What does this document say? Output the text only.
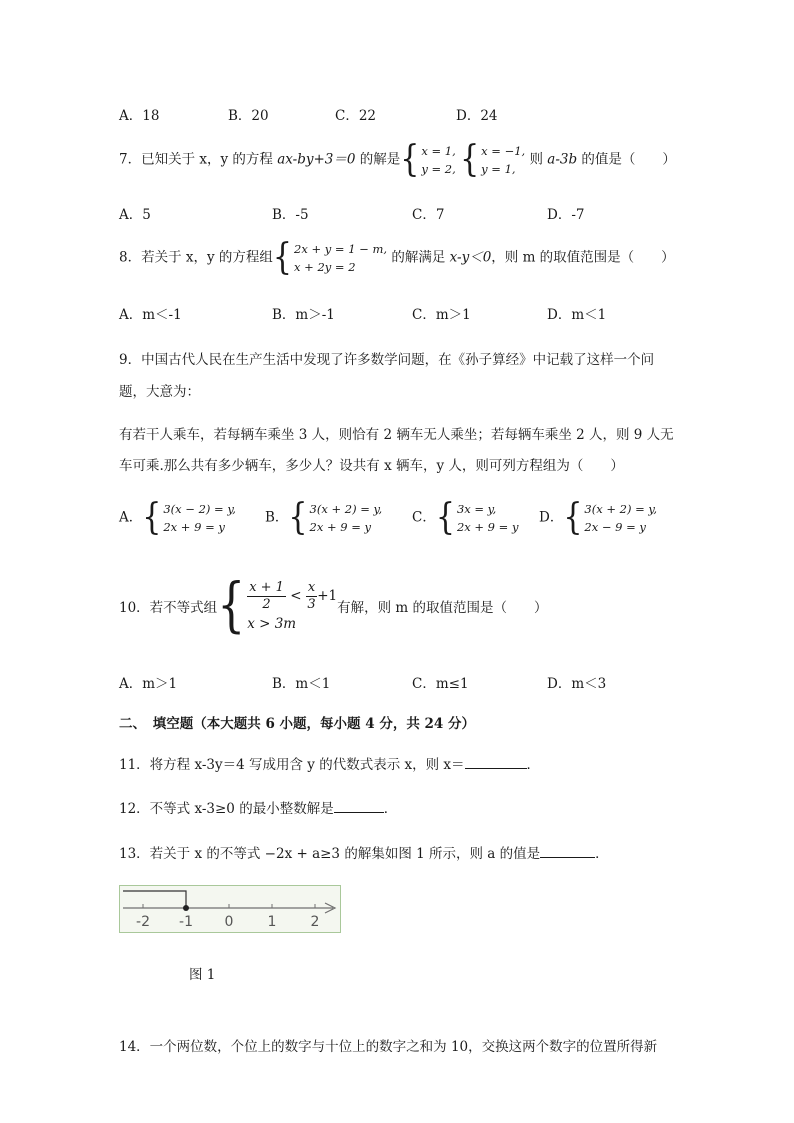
A．18	B．20	C．22	D．24
7．已知关于 x，y 的方程 ax-by+3＝0 的解是{ x = 1,
y = 2, { x = −1,
y = 1,
则 a-3b 的值是（　　）
A．5	B．-5	C．7	D．-7
8．若关于 x，y 的方程组{ 2x + y = 1 − m,
x + 2y = 2
的解满足 x-y＜0，则 m 的取值范围是（　　）
A．m＜-1	B．m＞-1	C．m＞1	D．m＜1
9．中国古代人民在生产生活中发现了许多数学问题，在《孙子算经》中记载了这样一个问
题，大意为：
有若干人乘车，若每辆车乘坐 3 人，则恰有 2 辆车无人乘坐；若每辆车乘坐 2 人，则 9 人无
车可乘.那么共有多少辆车，多少人？设共有 x 辆车，y 人，则可列方程组为（　　）
A．{ 3(x − 2) = y,
2x + 9 = y
B．{ 3(x + 2) = y,
2x + 9 = y
C．{ 3x = y,
2x + 9 = y
D．{ 3(x + 2) = y,
2x − 9 = y
10．若不等式组{ $\frac{x + 1}{2} < \frac{x}{3} +1$
x > 3m
有解，则 m 的取值范围是（　　）
A．m＞1	B．m＜1	C．m≤1	D．m＜3
二、　填空题（本大题共 6 小题，每小题 4 分，共 24 分）
11．将方程 x-3y＝4 写成用含 y 的代数式表示 x，则 x＝	．
12．不等式 x-3≥0 的最小整数解是	．
13．若关于 x 的不等式 −2x + a≥3 的解集如图 1 所示，则 a 的值是	．
-2 -1 0 1 2
图 1
14．一个两位数，个位上的数字与十位上的数字之和为 10，交换这两个数字的位置所得新
